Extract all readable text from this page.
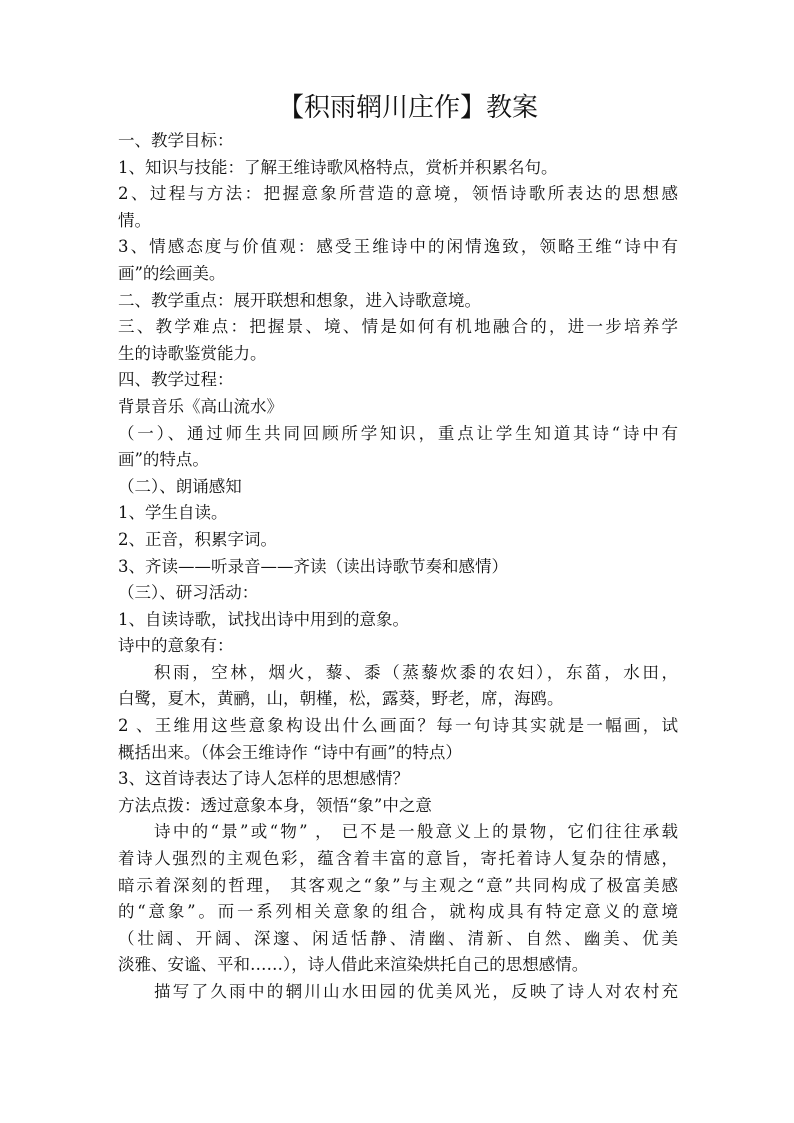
【积雨辋川庄作】教案
一、教学目标：
1、知识与技能：了解王维诗歌风格特点，赏析并积累名句。
2、过程与方法：把握意象所营造的意境，领悟诗歌所表达的思想感
情。
3、情感态度与价值观：感受王维诗中的闲情逸致，领略王维“诗中有
画”的绘画美。
二、教学重点：展开联想和想象，进入诗歌意境。
三、教学难点：把握景、境、情是如何有机地融合的，进一步培养学
生的诗歌鉴赏能力。
四、教学过程：
背景音乐《高山流水》
（一）、通过师生共同回顾所学知识，重点让学生知道其诗“诗中有
画”的特点。
（二）、朗诵感知
1、学生自读。
2、正音，积累字词。
3、齐读——听录音——齐读（读出诗歌节奏和感情）
（三）、研习活动：
1、自读诗歌，试找出诗中用到的意象。
诗中的意象有：
积雨，空林，烟火，藜、黍（蒸藜炊黍的农妇），东菑，水田，
白鹭，夏木，黄鹂，山，朝槿，松，露葵，野老，席，海鸥。
2 、王维用这些意象构设出什么画面？每一句诗其实就是一幅画，试
概括出来。（体会王维诗作 “诗中有画”的特点）
3、这首诗表达了诗人怎样的思想感情？
方法点拨：透过意象本身，领悟“象”中之意
诗中的“景”或“物” ， 已不是一般意义上的景物，它们往往承载
着诗人强烈的主观色彩，蕴含着丰富的意旨，寄托着诗人复杂的情感，
暗示着深刻的哲理， 其客观之“象”与主观之“意”共同构成了极富美感
的“意象”。而一系列相关意象的组合，就构成具有特定意义的意境
（壮阔、开阔、深邃、闲适恬静、清幽、清新、自然、幽美、优美
淡雅、安谧、平和……），诗人借此来渲染烘托自己的思想感情。
描写了久雨中的辋川山水田园的优美风光，反映了诗人对农村充
